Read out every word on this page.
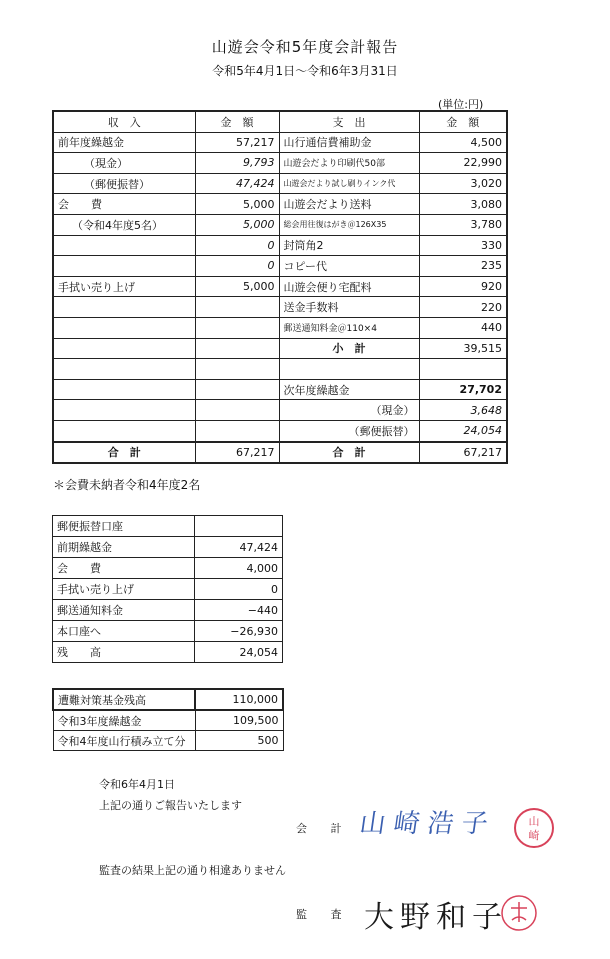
山遊会令和5年度会計報告
令和5年4月1日～令和6年3月31日
(単位:円)
収　入	金　額	支　出	金　額
前年度繰越金	57,217	山行通信費補助金	4,500
（現金）	9,793	山遊会だより印刷代50部	22,990
（郵便振替）	47,424	山遊会だより試し刷りインク代	3,020
会　　費	5,000	山遊会だより送料	3,080
（令和4年度5名）	5,000	総会用往復はがき＠126X35	3,780
	0	封筒角2	330
	0	コピー代	235
手拭い売り上げ	5,000	山遊会便り宅配料	920
		送金手数料	220
		郵送通知料金＠110×4	440
		小　計	39,515

		次年度繰越金	27,702
		（現金）	3,648
		（郵便振替）	24,054
合　計	67,217	合　計	67,217
＊会費未納者令和4年度2名
郵便振替口座	
前期繰越金	47,424
会　　費	4,000
手拭い売り上げ	0
郵送通知料金	−440
本口座へ	−26,930
残　　高	24,054
遭難対策基金残高	110,000
令和3年度繰越金	109,500
令和4年度山行積み立て分	500
令和6年4月1日
上記の通りご報告いたします
会 計 山崎浩子	山
崎
監査の結果上記の通り相違ありません
監 査 大野和子
